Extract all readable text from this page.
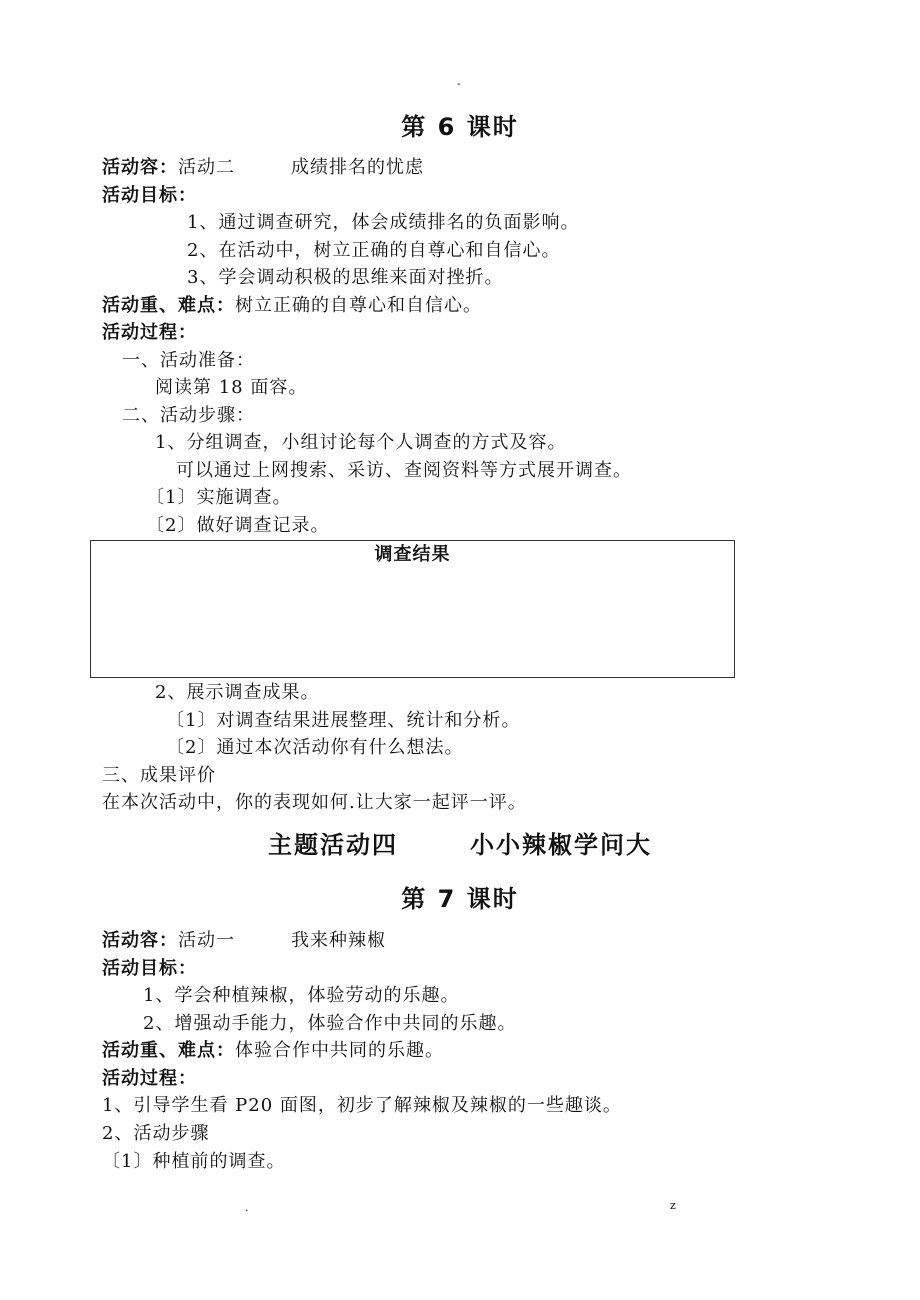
-
第 6 课时
活动容：活动二	成绩排名的忧虑
活动目标：
1、通过调查研究，体会成绩排名的负面影响。
2、在活动中，树立正确的自尊心和自信心。
3、学会调动积极的思维来面对挫折。
活动重、难点：树立正确的自尊心和自信心。
活动过程：
一、活动准备：
阅读第 18 面容。
二、活动步骤：
1、分组调查，小组讨论每个人调查的方式及容。
可以通过上网搜索、采访、查阅资料等方式展开调查。
〔1〕实施调查。
〔2〕做好调查记录。
调查结果
2、展示调查成果。
〔1〕对调查结果进展整理、统计和分析。
〔2〕通过本次活动你有什么想法。
三、成果评价
在本次活动中，你的表现如何.让大家一起评一评。
主题活动四	小小辣椒学问大
第 7 课时
活动容：活动一	我来种辣椒
活动目标：
1、学会种植辣椒，体验劳动的乐趣。
2、增强动手能力，体验合作中共同的乐趣。
活动重、难点：体验合作中共同的乐趣。
活动过程：
1、引导学生看 P20 面图，初步了解辣椒及辣椒的一些趣谈。
2、活动步骤
〔1〕种植前的调查。
.	z
